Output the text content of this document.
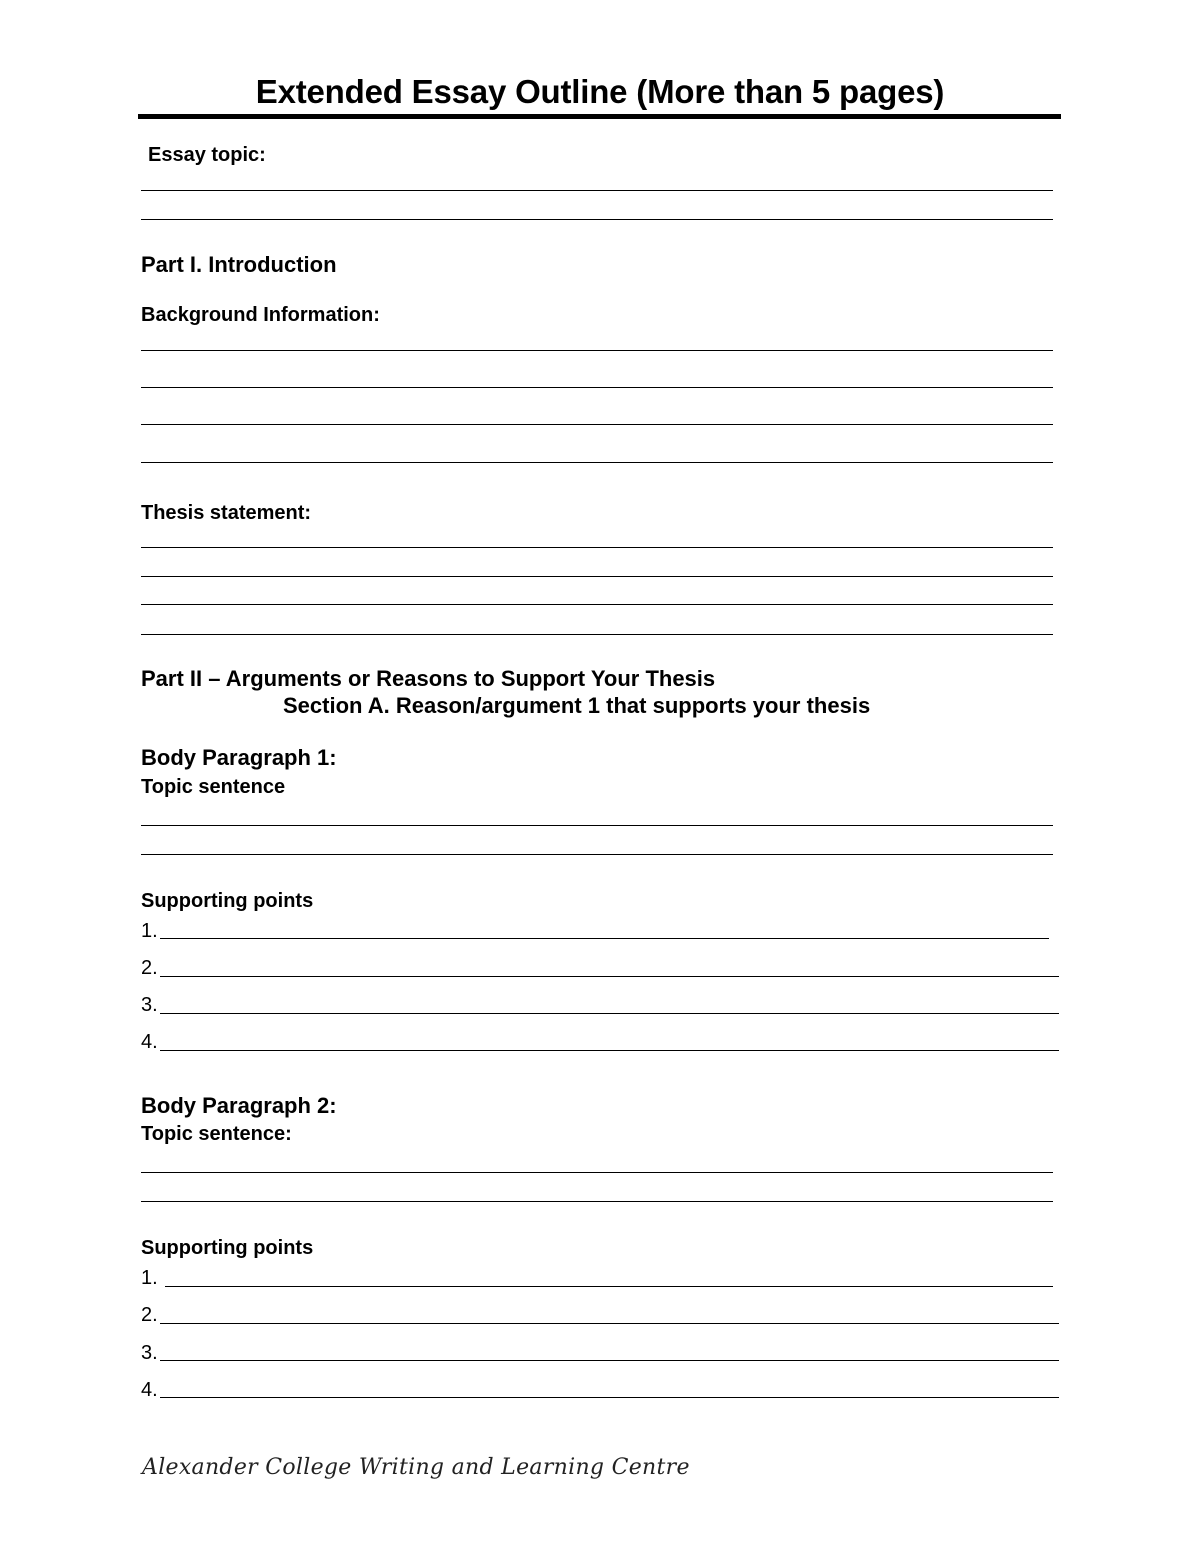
Extended Essay Outline (More than 5 pages)
Essay topic:
Part I. Introduction
Background Information:
Thesis statement:
Part II – Arguments or Reasons to Support Your Thesis
Section A. Reason/argument 1 that supports your thesis
Body Paragraph 1:
Topic sentence
Supporting points
1.
2.
3.
4.
Body Paragraph 2:
Topic sentence:
Supporting points
1.
2.
3.
4.
Alexander College Writing and Learning Centre
